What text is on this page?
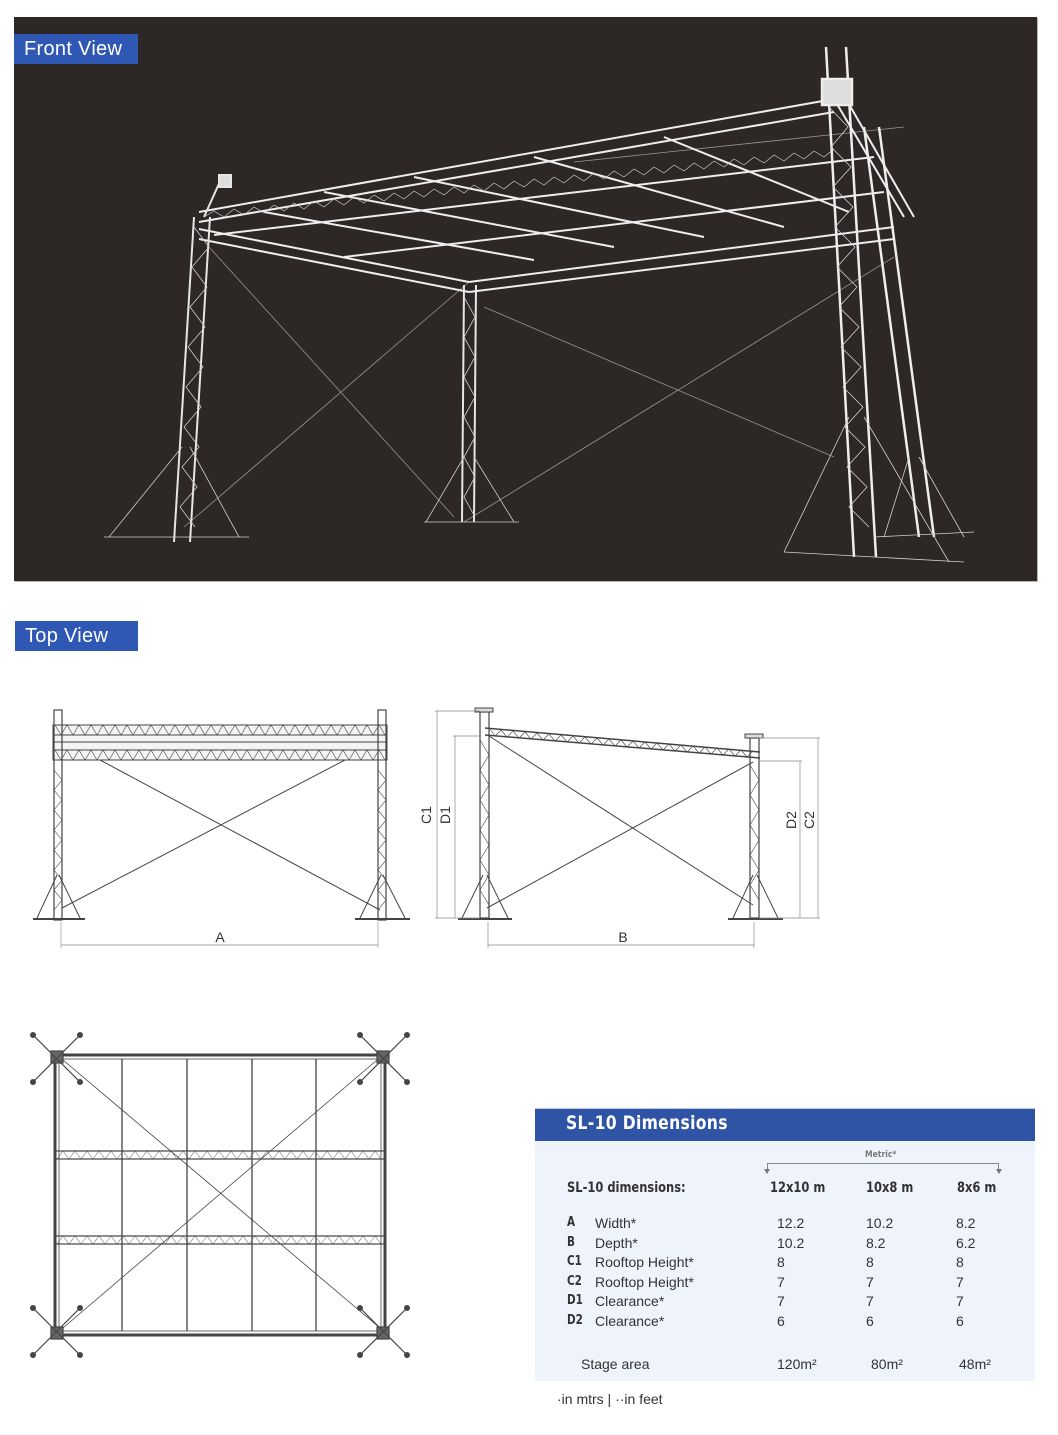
Front View
Top View
A	B
C1 D1	D2 C2
SL-10 Dimensions
Metric*
SL-10 dimensions:	12x10 m	10x8 m	8x6 m
A Width*	12.2	10.2	8.2
B Depth*	10.2	8.2	6.2
C1 Rooftop Height*	8	8	8
C2 Rooftop Height*	7	7	7
D1 Clearance*	7	7	7
D2 Clearance*	6	6	6
Stage area	120m²	80m²	48m²
·in mtrs | ··in feet
